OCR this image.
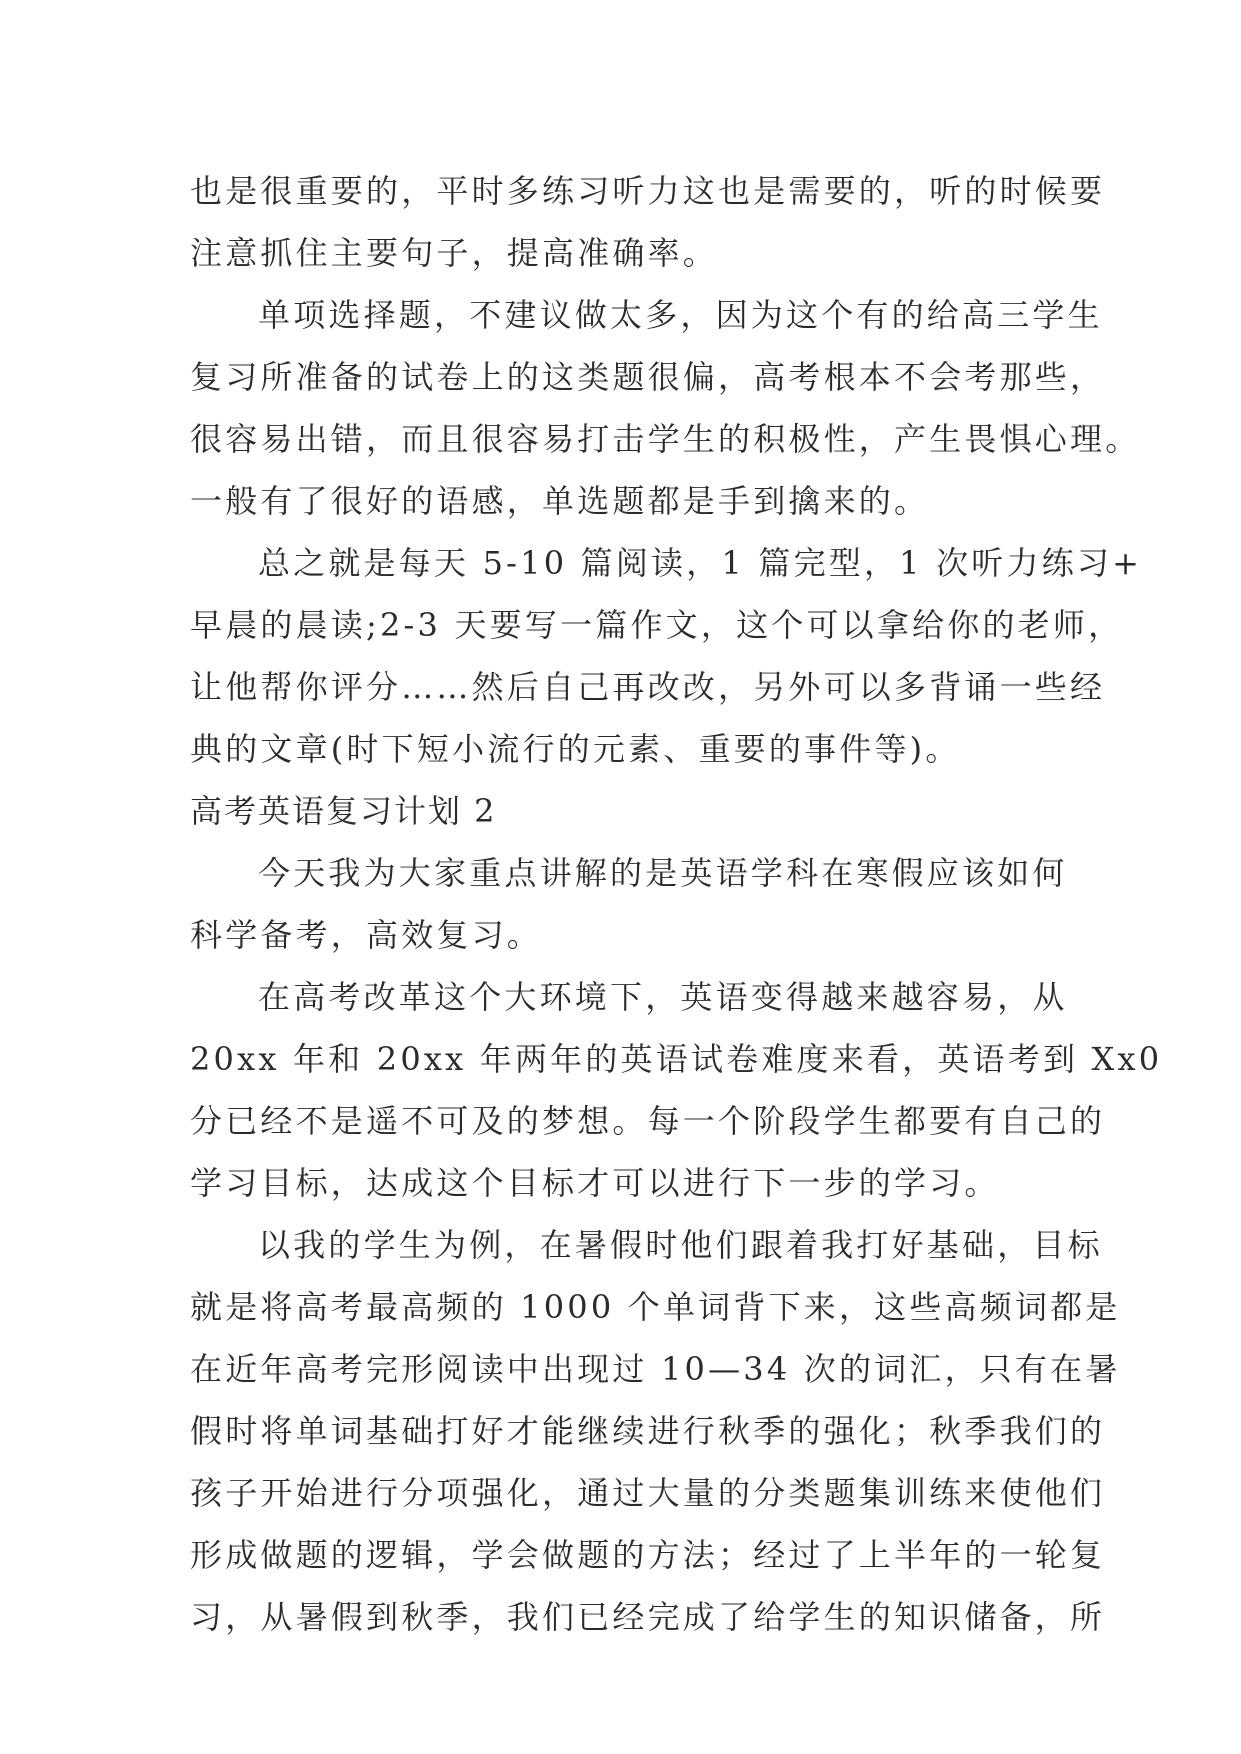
也是很重要的，平时多练习听力这也是需要的，听的时候要
注意抓住主要句子，提高准确率。
单项选择题，不建议做太多，因为这个有的给高三学生
复习所准备的试卷上的这类题很偏，高考根本不会考那些，
很容易出错，而且很容易打击学生的积极性，产生畏惧心理。
一般有了很好的语感，单选题都是手到擒来的。
总之就是每天 5-10 篇阅读，1 篇完型，1 次听力练习+
早晨的晨读;2-3 天要写一篇作文，这个可以拿给你的老师，
让他帮你评分……然后自己再改改，另外可以多背诵一些经
典的文章(时下短小流行的元素、重要的事件等)。
高考英语复习计划 2
今天我为大家重点讲解的是英语学科在寒假应该如何
科学备考，高效复习。
在高考改革这个大环境下，英语变得越来越容易，从
20xx 年和 20xx 年两年的英语试卷难度来看，英语考到 Xx0
分已经不是遥不可及的梦想。每一个阶段学生都要有自己的
学习目标，达成这个目标才可以进行下一步的学习。
以我的学生为例，在暑假时他们跟着我打好基础，目标
就是将高考最高频的 1000 个单词背下来，这些高频词都是
在近年高考完形阅读中出现过 10—34 次的词汇，只有在暑
假时将单词基础打好才能继续进行秋季的强化；秋季我们的
孩子开始进行分项强化，通过大量的分类题集训练来使他们
形成做题的逻辑，学会做题的方法；经过了上半年的一轮复
习，从暑假到秋季，我们已经完成了给学生的知识储备，所
